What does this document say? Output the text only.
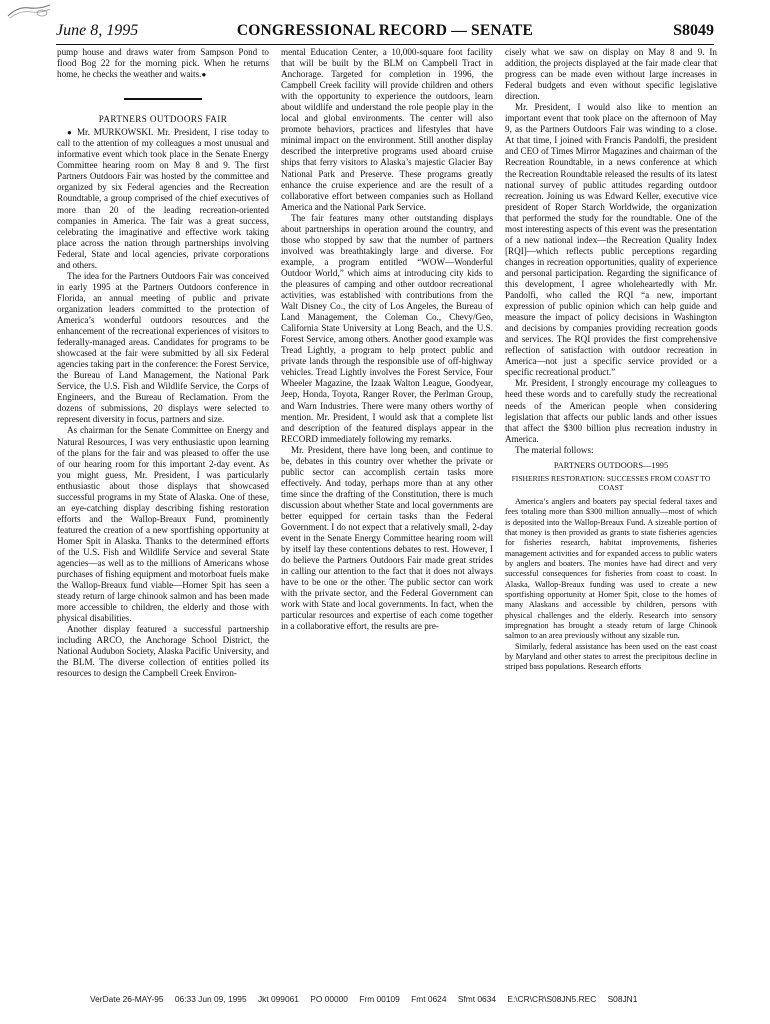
June 8, 1995	CONGRESSIONAL RECORD — SENATE	S8049

pump house and draws water from Sampson Pond to flood Bog 22 for the morning pick. When he returns home, he checks the weather and waits.●

PARTNERS OUTDOORS FAIR

● Mr. MURKOWSKI. Mr. President, I rise today to call to the attention of my colleagues a most unusual and informative event which took place in the Senate Energy Committee hearing room on May 8 and 9. The first Partners Outdoors Fair was hosted by the committee and organized by six Federal agencies and the Recreation Roundtable, a group comprised of the chief executives of more than 20 of the leading recreation-oriented companies in America. The fair was a great success, celebrating the imaginative and effective work taking place across the nation through partnerships involving Federal, State and local agencies, private corporations and others.

The idea for the Partners Outdoors Fair was conceived in early 1995 at the Partners Outdoors conference in Florida, an annual meeting of public and private organization leaders committed to the protection of America’s wonderful outdoors resources and the enhancement of the recreational experiences of visitors to federally-managed areas. Candidates for programs to be showcased at the fair were submitted by all six Federal agencies taking part in the conference: the Forest Service, the Bureau of Land Management, the National Park Service, the U.S. Fish and Wildlife Service, the Corps of Engineers, and the Bureau of Reclamation. From the dozens of submissions, 20 displays were selected to represent diversity in focus, partners and size.

As chairman for the Senate Committee on Energy and Natural Resources, I was very enthusiastic upon learning of the plans for the fair and was pleased to offer the use of our hearing room for this important 2-day event. As you might guess, Mr. President, I was particularly enthusiastic about those displays that showcased successful programs in my State of Alaska. One of these, an eye-catching display describing fishing restoration efforts and the Wallop-Breaux Fund, prominently featured the creation of a new sportfishing opportunity at Homer Spit in Alaska. Thanks to the determined efforts of the U.S. Fish and Wildlife Service and several State agencies—as well as to the millions of Americans whose purchases of fishing equipment and motorboat fuels make the Wallop-Breaux fund viable—Homer Spit has seen a steady return of large chinook salmon and has been made more accessible to children, the elderly and those with physical disabilities.

Another display featured a successful partnership including ARCO, the Anchorage School District, the National Audubon Society, Alaska Pacific University, and the BLM. The diverse collection of entities polled its resources to design the Campbell Creek Environ-

mental Education Center, a 10,000-square foot facility that will be built by the BLM on Campbell Tract in Anchorage. Targeted for completion in 1996, the Campbell Creek facility will provide children and others with the opportunity to experience the outdoors, learn about wildlife and understand the role people play in the local and global environments. The center will also promote behaviors, practices and lifestyles that have minimal impact on the environment. Still another display described the interpretive programs used aboard cruise ships that ferry visitors to Alaska’s majestic Glacier Bay National Park and Preserve. These programs greatly enhance the cruise experience and are the result of a collaborative effort between companies such as Holland America and the National Park Service.

The fair features many other outstanding displays about partnerships in operation around the country, and those who stopped by saw that the number of partners involved was breathtakingly large and diverse. For example, a program entitled “WOW—Wonderful Outdoor World,” which aims at introducing city kids to the pleasures of camping and other outdoor recreational activities, was established with contributions from the Walt Disney Co., the city of Los Angeles, the Bureau of Land Management, the Coleman Co., Chevy/Geo, California State University at Long Beach, and the U.S. Forest Service, among others. Another good example was Tread Lightly, a program to help protect public and private lands through the responsible use of off-highway vehicles. Tread Lightly involves the Forest Service, Four Wheeler Magazine, the Izaak Walton League, Goodyear, Jeep, Honda, Toyota, Ranger Rover, the Perlman Group, and Warn Industries. There were many others worthy of mention. Mr. President, I would ask that a complete list and description of the featured displays appear in the RECORD immediately following my remarks.

Mr. President, there have long been, and continue to be, debates in this country over whether the private or public sector can accomplish certain tasks more effectively. And today, perhaps more than at any other time since the drafting of the Constitution, there is much discussion about whether State and local governments are better equipped for certain tasks than the Federal Government. I do not expect that a relatively small, 2-day event in the Senate Energy Committee hearing room will by itself lay these contentions debates to rest. However, I do believe the Partners Outdoors Fair made great strides in calling our attention to the fact that it does not always have to be one or the other. The public sector can work with the private sector, and the Federal Government can work with State and local governments. In fact, when the particular resources and expertise of each come together in a collaborative effort, the results are pre-

cisely what we saw on display on May 8 and 9. In addition, the projects displayed at the fair made clear that progress can be made even without large increases in Federal budgets and even without specific legislative direction.

Mr. President, I would also like to mention an important event that took place on the afternoon of May 9, as the Partners Outdoors Fair was winding to a close. At that time, I joined with Francis Pandolfi, the president and CEO of Times Mirror Magazines and chairman of the Recreation Roundtable, in a news conference at which the Recreation Roundtable released the results of its latest national survey of public attitudes regarding outdoor recreation. Joining us was Edward Keller, executive vice president of Roper Starch Worldwide, the organization that performed the study for the roundtable. One of the most interesting aspects of this event was the presentation of a new national index—the Recreation Quality Index [RQI]—which reflects public perceptions regarding changes in recreation opportunities, quality of experience and personal participation. Regarding the significance of this development, I agree wholeheartedly with Mr. Pandolfi, who called the RQI “a new, important expression of public opinion which can help guide and measure the impact of policy decisions in Washington and decisions by companies providing recreation goods and services. The RQI provides the first comprehensive reflection of satisfaction with outdoor recreation in America—not just a specific service provided or a specific recreational product.”

Mr. President, I strongly encourage my colleagues to heed these words and to carefully study the recreational needs of the American people when considering legislation that affects our public lands and other issues that affect the $300 billion plus recreation industry in America.

The material follows:

PARTNERS OUTDOORS—1995

FISHERIES RESTORATION: SUCCESSES FROM COAST TO COAST

America’s anglers and boaters pay special federal taxes and fees totaling more than $300 million annually—most of which is deposited into the Wallop-Breaux Fund. A sizeable portion of that money is then provided as grants to state fisheries agencies for fisheries research, habitat improvements, fisheries management activities and for expanded access to public waters by anglers and boaters. The monies have had direct and very successful consequences for fisheries from coast to coast. In Alaska, Wallop-Breaux funding was used to create a new sportfishing opportunity at Homer Spit, close to the homes of many Alaskans and accessible by children, persons with physical challenges and the elderly. Research into sensory impregnation has brought a steady return of large Chinook salmon to an area previously without any sizable run.

Similarly, federal assistance has been used on the east coast by Maryland and other states to arrest the precipitous decline in striped bass populations. Research efforts

VerDate 26-MAY-95 06:33 Jun 09, 1995 Jkt 099061 PO 00000 Frm 00109 Fmt 0624 Sfmt 0634 E:\CR\CR\S08JN5.REC S08JN1
